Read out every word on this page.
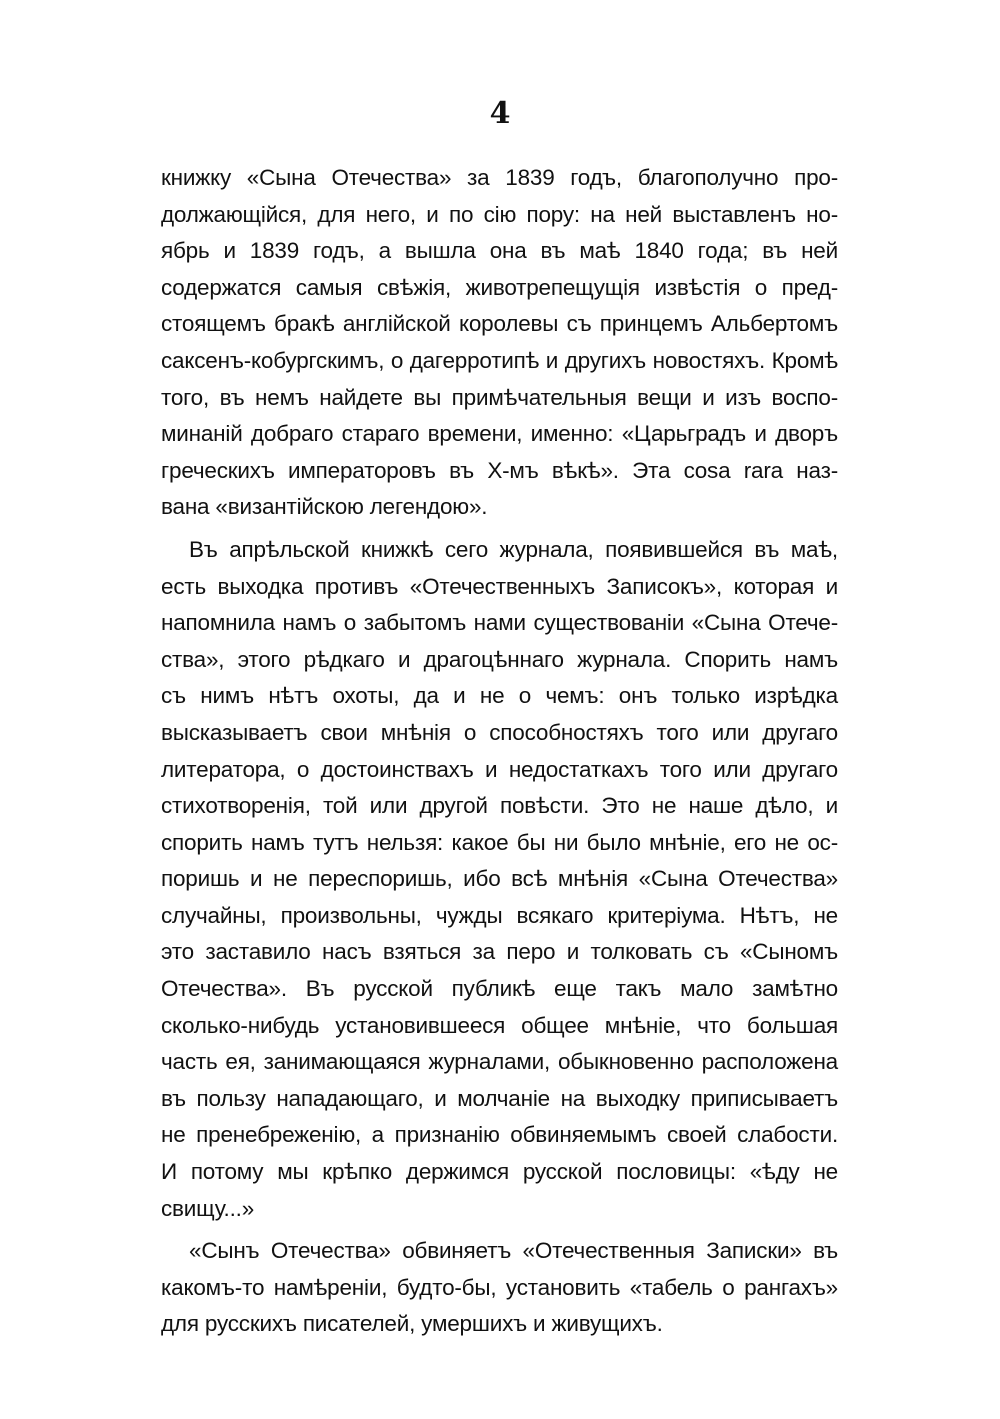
4
книжку «Сына Отечества» за 1839 годъ, благополучно про-
должающійся, для него, и по сію пору: на ней выставленъ но-
ябрь и 1839 годъ, а вышла она въ маѣ 1840 года; въ ней
содержатся самыя свѣжія, животрепещущія извѣстія о пред-
стоящемъ бракѣ англійской королевы съ принцемъ Альбертомъ
саксенъ-кобургскимъ, о дагерротипѣ и другихъ новостяхъ. Кромѣ
того, въ немъ найдете вы примѣчательныя вещи и изъ воспо-
минаній добраго стараго времени, именно: «Царьградъ и дворъ
греческихъ императоровъ въ Х-мъ вѣкѣ». Эта cosa rara наз-
вана «византійскою легендою».
Въ апрѣльской книжкѣ сего журнала, появившейся въ маѣ,
есть выходка противъ «Отечественныхъ Записокъ», которая и
напомнила намъ о забытомъ нами существованіи «Сына Отече-
ства», этого рѣдкаго и драгоцѣннаго журнала. Спорить намъ
съ нимъ нѣтъ охоты, да и не о чемъ: онъ только изрѣдка
высказываетъ свои мнѣнія о способностяхъ того или другаго
литератора, о достоинствахъ и недостаткахъ того или другаго
стихотворенія, той или другой повѣсти. Это не наше дѣло, и
спорить намъ тутъ нельзя: какое бы ни было мнѣніе, его не ос-
поришь и не переспоришь, ибо всѣ мнѣнія «Сына Отечества»
случайны, произвольны, чужды всякаго критеріума. Нѣтъ, не
это заставило насъ взяться за перо и толковать съ «Сыномъ
Отечества». Въ русской публикѣ еще такъ мало замѣтно
сколько-нибудь установившееся общее мнѣніе, что большая
часть ея, занимающаяся журналами, обыкновенно расположена
въ пользу нападающаго, и молчаніе на выходку приписываетъ
не пренебреженію, а признанію обвиняемымъ своей слабости.
И потому мы крѣпко держимся русской пословицы: «ѣду не
свищу...»
«Сынъ Отечества» обвиняетъ «Отечественныя Записки» въ
какомъ-то намѣреніи, будто-бы, установить «табель о рангахъ»
для русскихъ писателей, умершихъ и живущихъ.
